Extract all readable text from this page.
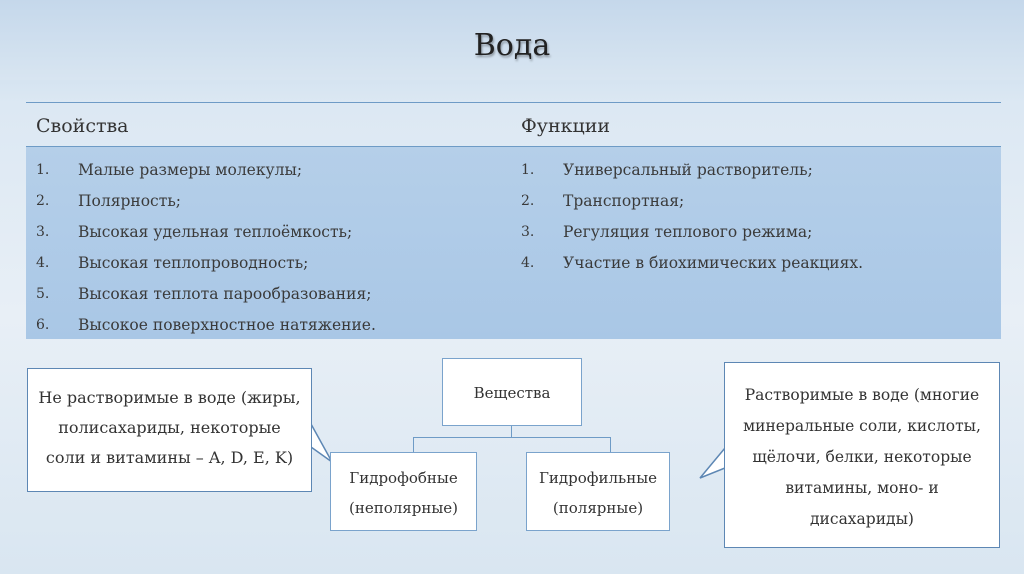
Вода
Свойства	Функции
1. Малые размеры молекулы;
2. Полярность;
3. Высокая удельная теплоёмкость;
4. Высокая теплопроводность;
5. Высокая теплота парообразования;
6. Высокое поверхностное натяжение.
1. Универсальный растворитель;
2. Транспортная;
3. Регуляция теплового режима;
4. Участие в биохимических реакциях.
Не растворимые в воде (жиры,
полисахариды, некоторые
соли и витамины – A, D, E, K)
Растворимые в воде (многие
минеральные соли, кислоты,
щёлочи, белки, некоторые
витамины, моно- и
дисахариды)
Вещества
Гидрофобные
(неполярные)
Гидрофильные
(полярные)
